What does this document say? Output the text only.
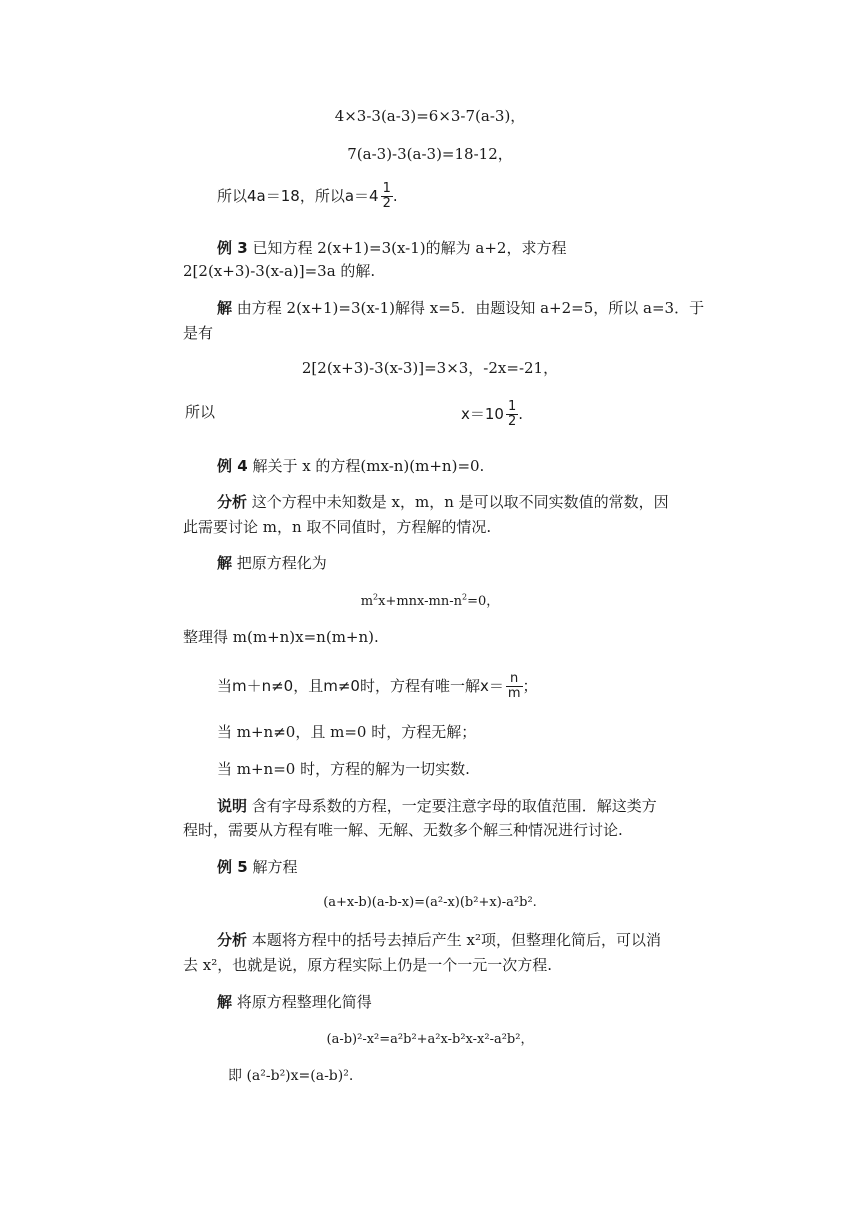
4×3-3(a-3)=6×3-7(a-3)，
7(a-3)-3(a-3)=18-12，
所以4a＝18，所以$a=4 \frac{1}{2}$ .
例 3 已知方程 2(x+1)=3(x-1)的解为 a+2，求方程
2[2(x+3)-3(x-a)]=3a 的解.
解 由方程 2(x+1)=3(x-1)解得 x=5．由题设知 a+2=5，所以 a=3．于
是有
2[2(x+3)-3(x-3)]=3×3，-2x=-21，
所以	$x=10 \frac{1}{2}$ .
例 4 解关于 x 的方程(mx-n)(m+n)=0.
分析 这个方程中未知数是 x，m，n 是可以取不同实数值的常数，因
此需要讨论 m，n 取不同值时，方程解的情况.
解 把原方程化为
$m^2x+mnx-mn-n^2=0$，
整理得 m(m+n)x=n(m+n).
当m＋n≠0，且m≠0时，方程有唯一解$x= \frac{n}{m}$ ；
当 m+n≠0，且 m=0 时，方程无解；
当 m+n=0 时，方程的解为一切实数.
说明 含有字母系数的方程，一定要注意字母的取值范围．解这类方
程时，需要从方程有唯一解、无解、无数多个解三种情况进行讨论.
例 5 解方程
(a+x-b)(a-b-x)=(a²-x)(b²+x)-a²b².
分析 本题将方程中的括号去掉后产生 x²项，但整理化简后，可以消
去 x²，也就是说，原方程实际上仍是一个一元一次方程.
解 将原方程整理化简得
(a-b)²-x²=a²b²+a²x-b²x-x²-a²b²，
即 (a²-b²)x=(a-b)².
